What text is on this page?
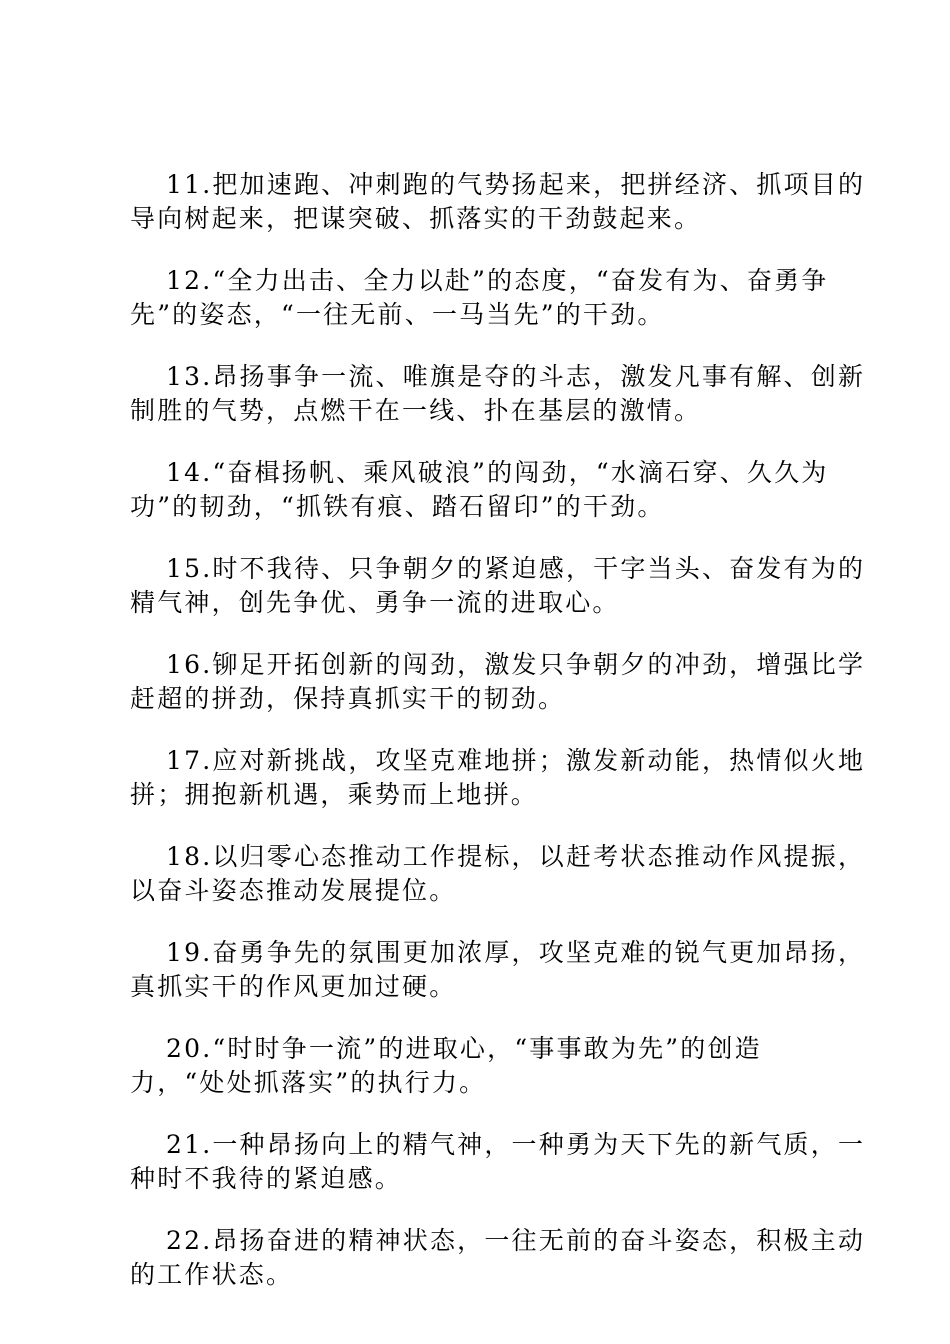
11.把加速跑、冲刺跑的气势扬起来，把拼经济、抓项目的
导向树起来，把谋突破、抓落实的干劲鼓起来。

12.“全力出击、全力以赴”的态度，“奋发有为、奋勇争
先”的姿态，“一往无前、一马当先”的干劲。

13.昂扬事争一流、唯旗是夺的斗志，激发凡事有解、创新
制胜的气势，点燃干在一线、扑在基层的激情。

14.“奋楫扬帆、乘风破浪”的闯劲，“水滴石穿、久久为
功”的韧劲，“抓铁有痕、踏石留印”的干劲。

15.时不我待、只争朝夕的紧迫感，干字当头、奋发有为的
精气神，创先争优、勇争一流的进取心。

16.铆足开拓创新的闯劲，激发只争朝夕的冲劲，增强比学
赶超的拼劲，保持真抓实干的韧劲。

17.应对新挑战，攻坚克难地拼；激发新动能，热情似火地
拼；拥抱新机遇，乘势而上地拼。

18.以归零心态推动工作提标，以赶考状态推动作风提振，
以奋斗姿态推动发展提位。

19.奋勇争先的氛围更加浓厚，攻坚克难的锐气更加昂扬，
真抓实干的作风更加过硬。

20.“时时争一流”的进取心，“事事敢为先”的创造
力，“处处抓落实”的执行力。

21.一种昂扬向上的精气神，一种勇为天下先的新气质，一
种时不我待的紧迫感。

22.昂扬奋进的精神状态，一往无前的奋斗姿态，积极主动
的工作状态。
